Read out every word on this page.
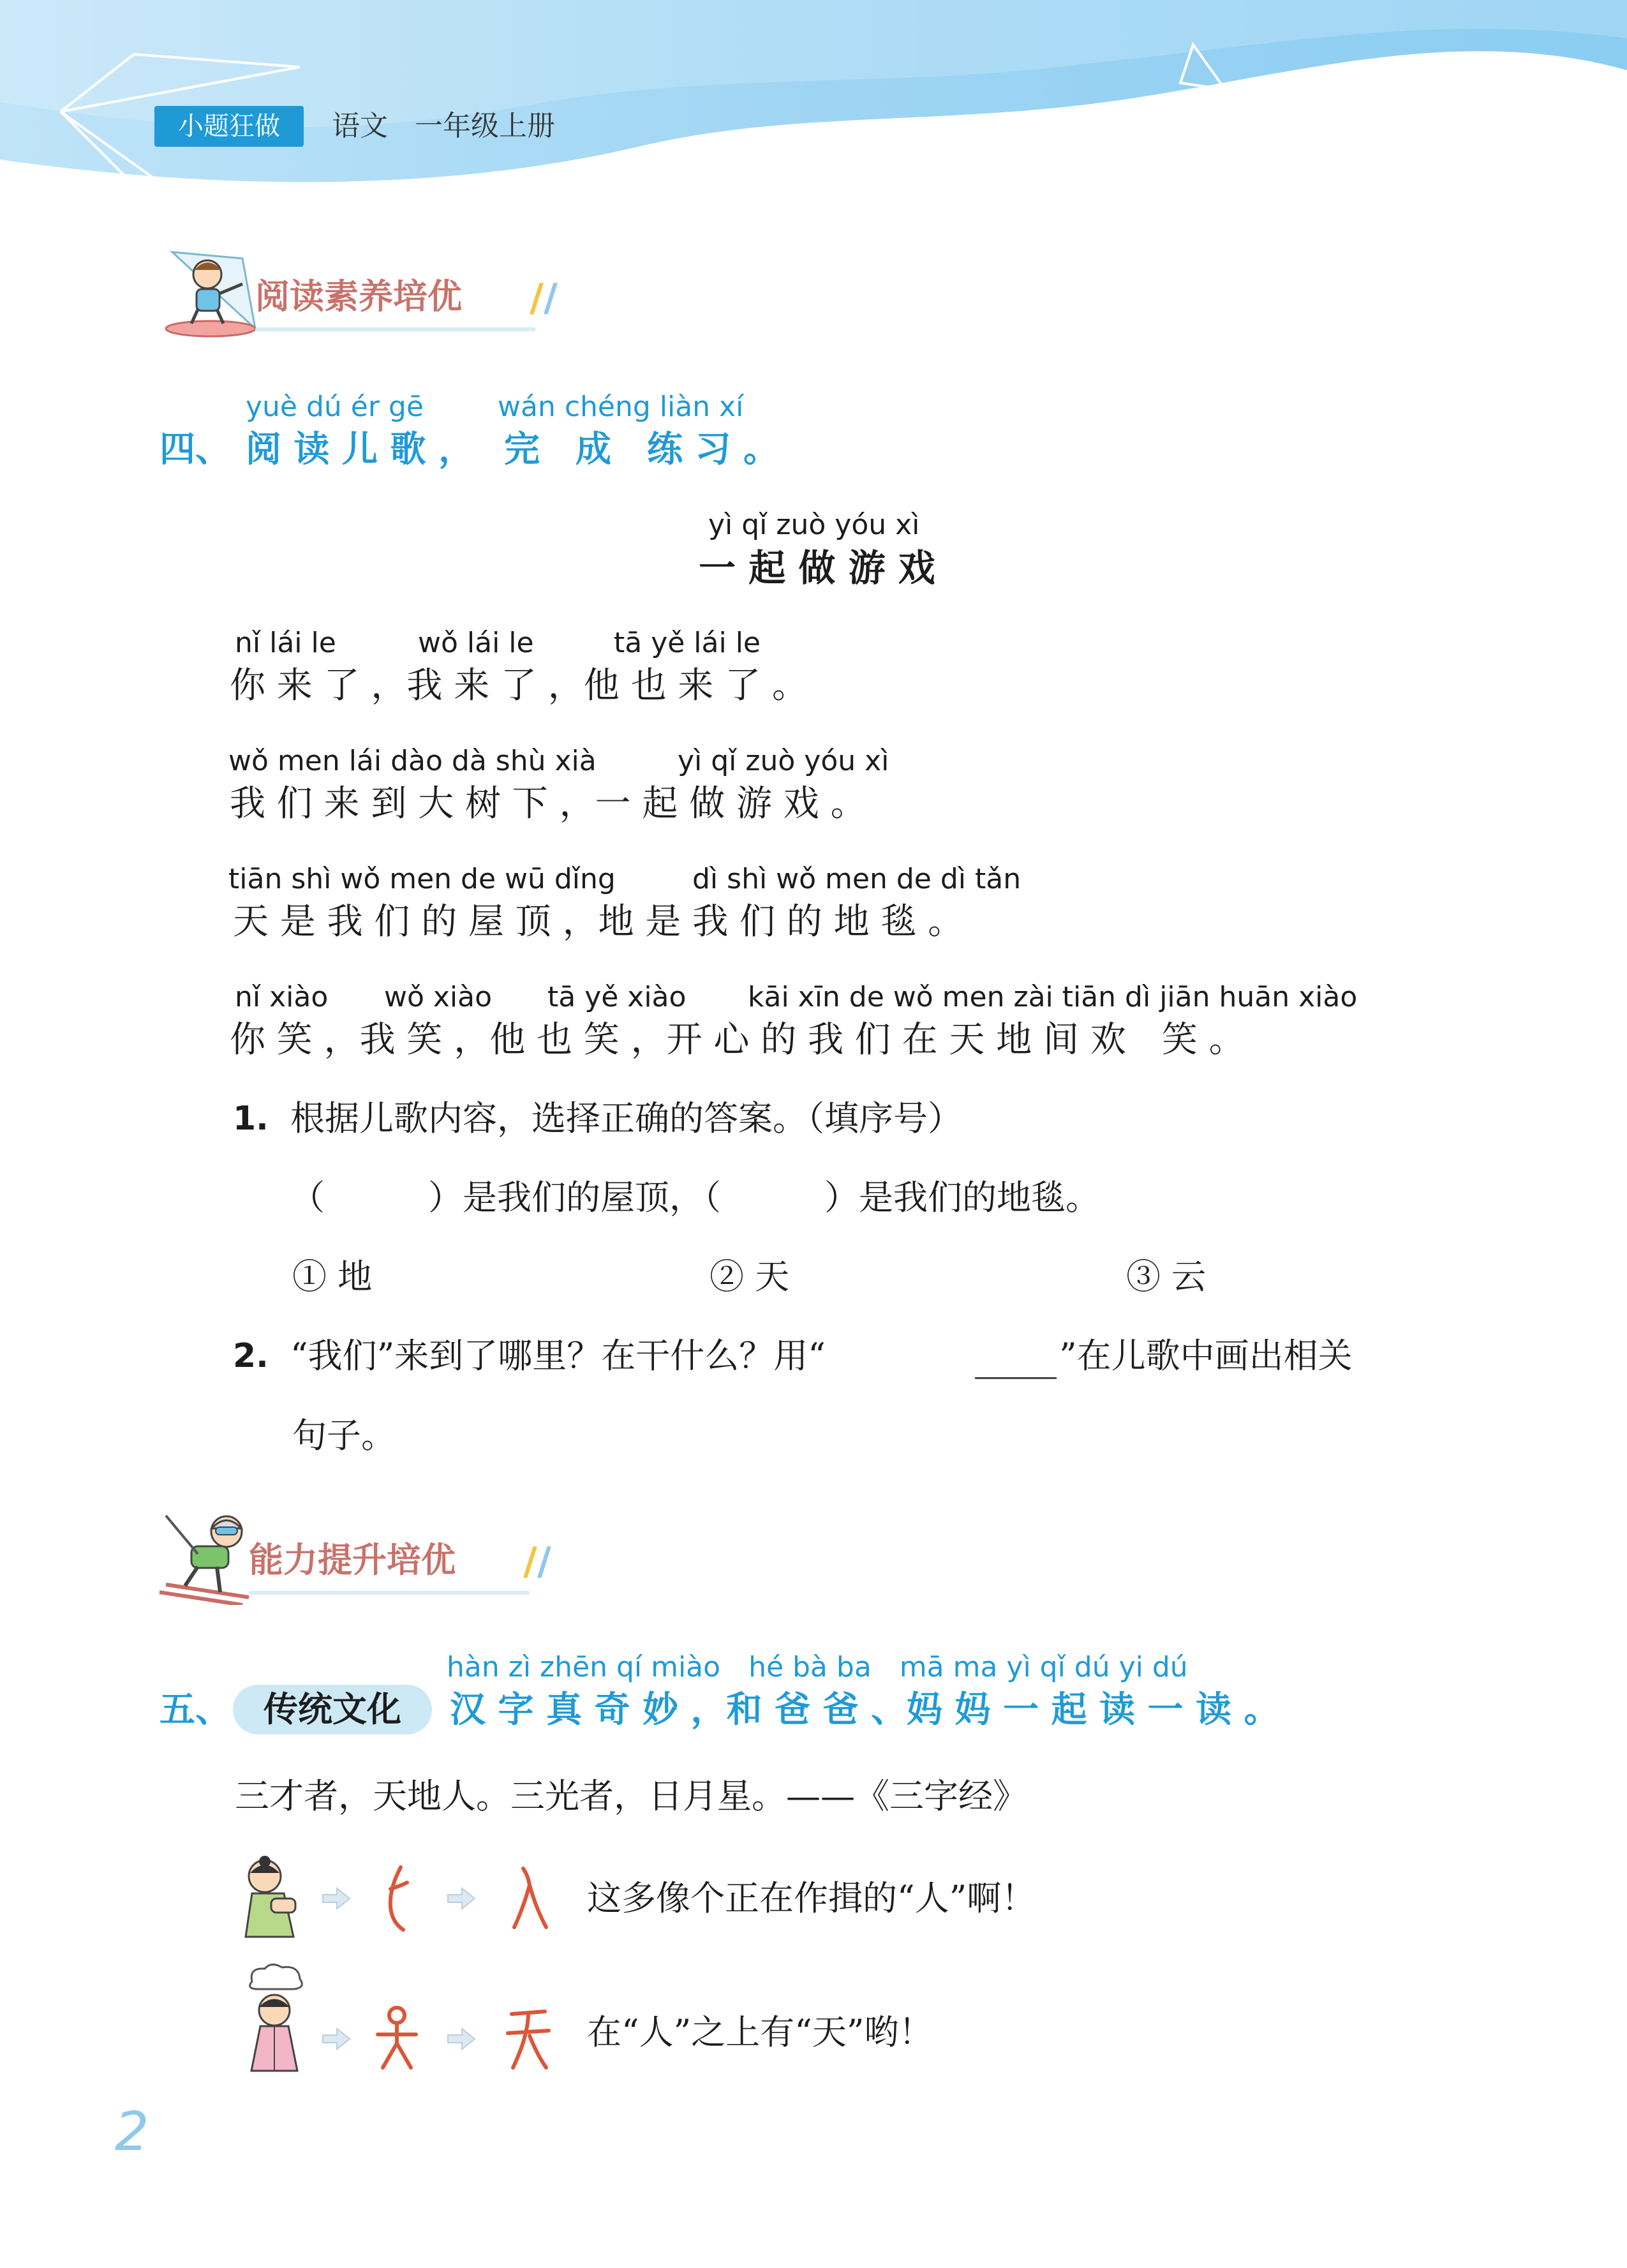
小题狂做	语文 一年级上册
阅读素养培优 / /
yuè dú ér gē	wán chéng liàn xí
四、 阅 读 儿 歌 ， 完　成　练 习 。
yì qǐ zuò yóu xì
一 起 做 游 戏
nǐ lái le	wǒ lái le	tā yě lái le
你 来 了 ，我 来 了 ，他 也 来 了 。
wǒ men lái dào dà shù xià	yì qǐ zuò yóu xì
我 们 来 到 大 树 下 ，一 起 做 游 戏 。
tiān shì wǒ men de wū dǐng	dì shì wǒ men de dì tǎn
天 是 我 们 的 屋 顶 ，地 是 我 们 的 地 毯 。
nǐ xiào wǒ xiào tā yě xiào kāi xīn de wǒ men zài tiān dì jiān huān xiào
你 笑 ，我 笑 ，他 也 笑 ，开 心 的 我 们 在 天 地 间 欢　笑 。
1. 根据儿歌内容，选择正确的答案。（填序号）
（　　　）是我们的屋顶，（　　　）是我们的地毯。
① 地	② 天	③ 云
2. “我们”来到了哪里？在干什么？用“	”在儿歌中画出相关
句子。
能力提升培优 / /
hàn zì zhēn qí miào　hé bà ba　mā ma yì qǐ dú yi dú
五、 传统文化	汉 字 真 奇 妙 ，和 爸 爸 、妈 妈 一 起 读 一 读 。
三才者，天地人。三光者，日月星。——《三字经》
这多像个正在作揖的“人”啊！
在“人”之上有“天”哟！
2
